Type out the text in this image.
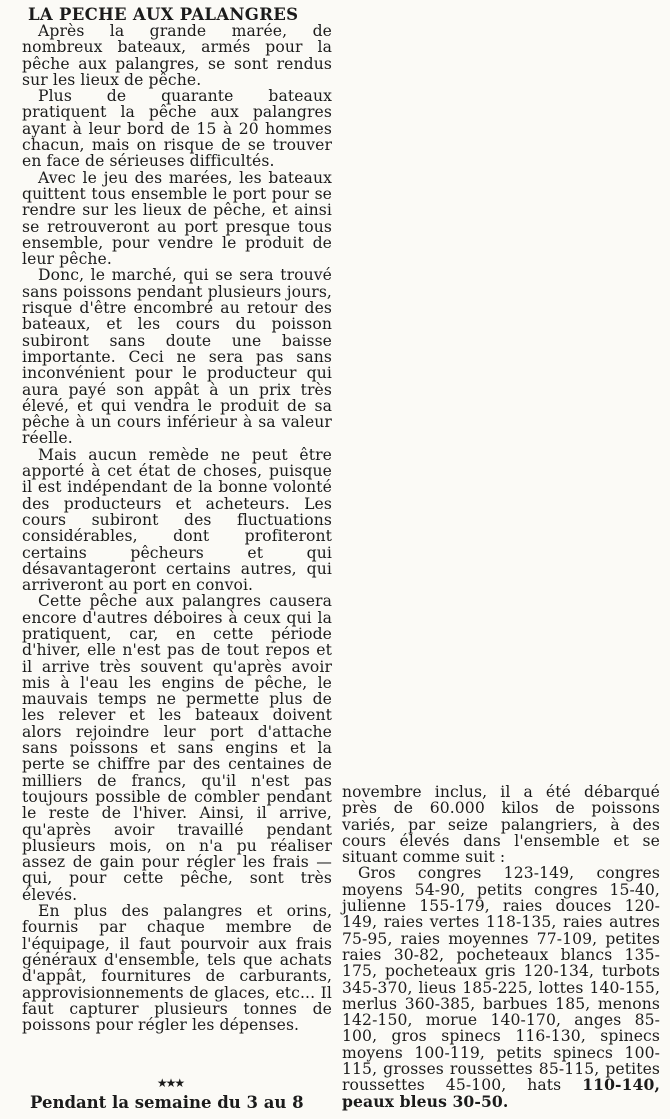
LA PECHE AUX PALANGRES

Après la grande marée, de nombreux bateaux, armés pour la pêche aux palangres, se sont rendus sur les lieux de pêche.

Plus de quarante bateaux pratiquent la pêche aux palangres ayant à leur bord de 15 à 20 hommes chacun, mais on risque de se trouver en face de sérieuses difficultés.

Avec le jeu des marées, les bateaux quittent tous ensemble le port pour se rendre sur les lieux de pêche, et ainsi se retrouveront au port presque tous ensemble, pour vendre le produit de leur pêche.

Donc, le marché, qui se sera trouvé sans poissons pendant plusieurs jours, risque d'être encombré au retour des bateaux, et les cours du poisson subiront sans doute une baisse importante. Ceci ne sera pas sans inconvénient pour le producteur qui aura payé son appât à un prix très élevé, et qui vendra le produit de sa pêche à un cours inférieur à sa valeur réelle.

Mais aucun remède ne peut être apporté à cet état de choses, puisque il est indépendant de la bonne volonté des producteurs et acheteurs. Les cours subiront des fluctuations considérables, dont profiteront certains pêcheurs et qui désavantageront certains autres, qui arriveront au port en convoi.

Cette pêche aux palangres causera encore d'autres déboires à ceux qui la pratiquent, car, en cette période d'hiver, elle n'est pas de tout repos et il arrive très souvent qu'après avoir mis à l'eau les engins de pêche, le mauvais temps ne permette plus de les relever et les bateaux doivent alors rejoindre leur port d'attache sans poissons et sans engins et la perte se chiffre par des centaines de milliers de francs, qu'il n'est pas toujours possible de combler pendant le reste de l'hiver. Ainsi, il arrive, qu'après avoir travaillé pendant plusieurs mois, on n'a pu réaliser assez de gain pour régler les frais — qui, pour cette pêche, sont très élevés.

En plus des palangres et orins, fournis par chaque membre de l'équipage, il faut pourvoir aux frais généraux d'ensemble, tels que achats d'appât, fournitures de carburants, approvisionnements de glaces, etc... Il faut capturer plusieurs tonnes de poissons pour régler les dépenses.

★★★
Pendant la semaine du 3 au 8

novembre inclus, il a été débarqué près de 60.000 kilos de poissons variés, par seize palangriers, à des cours élevés dans l'ensemble et se situant comme suit :

Gros congres 123-149, congres moyens 54-90, petits congres 15-40, julienne 155-179, raies douces 120-149, raies vertes 118-135, raies autres 75-95, raies moyennes 77-109, petites raies 30-82, pocheteaux blancs 135-175, pocheteaux gris 120-134, turbots 345-370, lieus 185-225, lottes 140-155, merlus 360-385, barbues 185, menons 142-150, morue 140-170, anges 85-100, gros spinecs 116-130, spinecs moyens 100-119, petits spinecs 100-115, grosses roussettes 85-115, petites roussettes 45-100, hats 110-140, peaux bleus 30-50.
